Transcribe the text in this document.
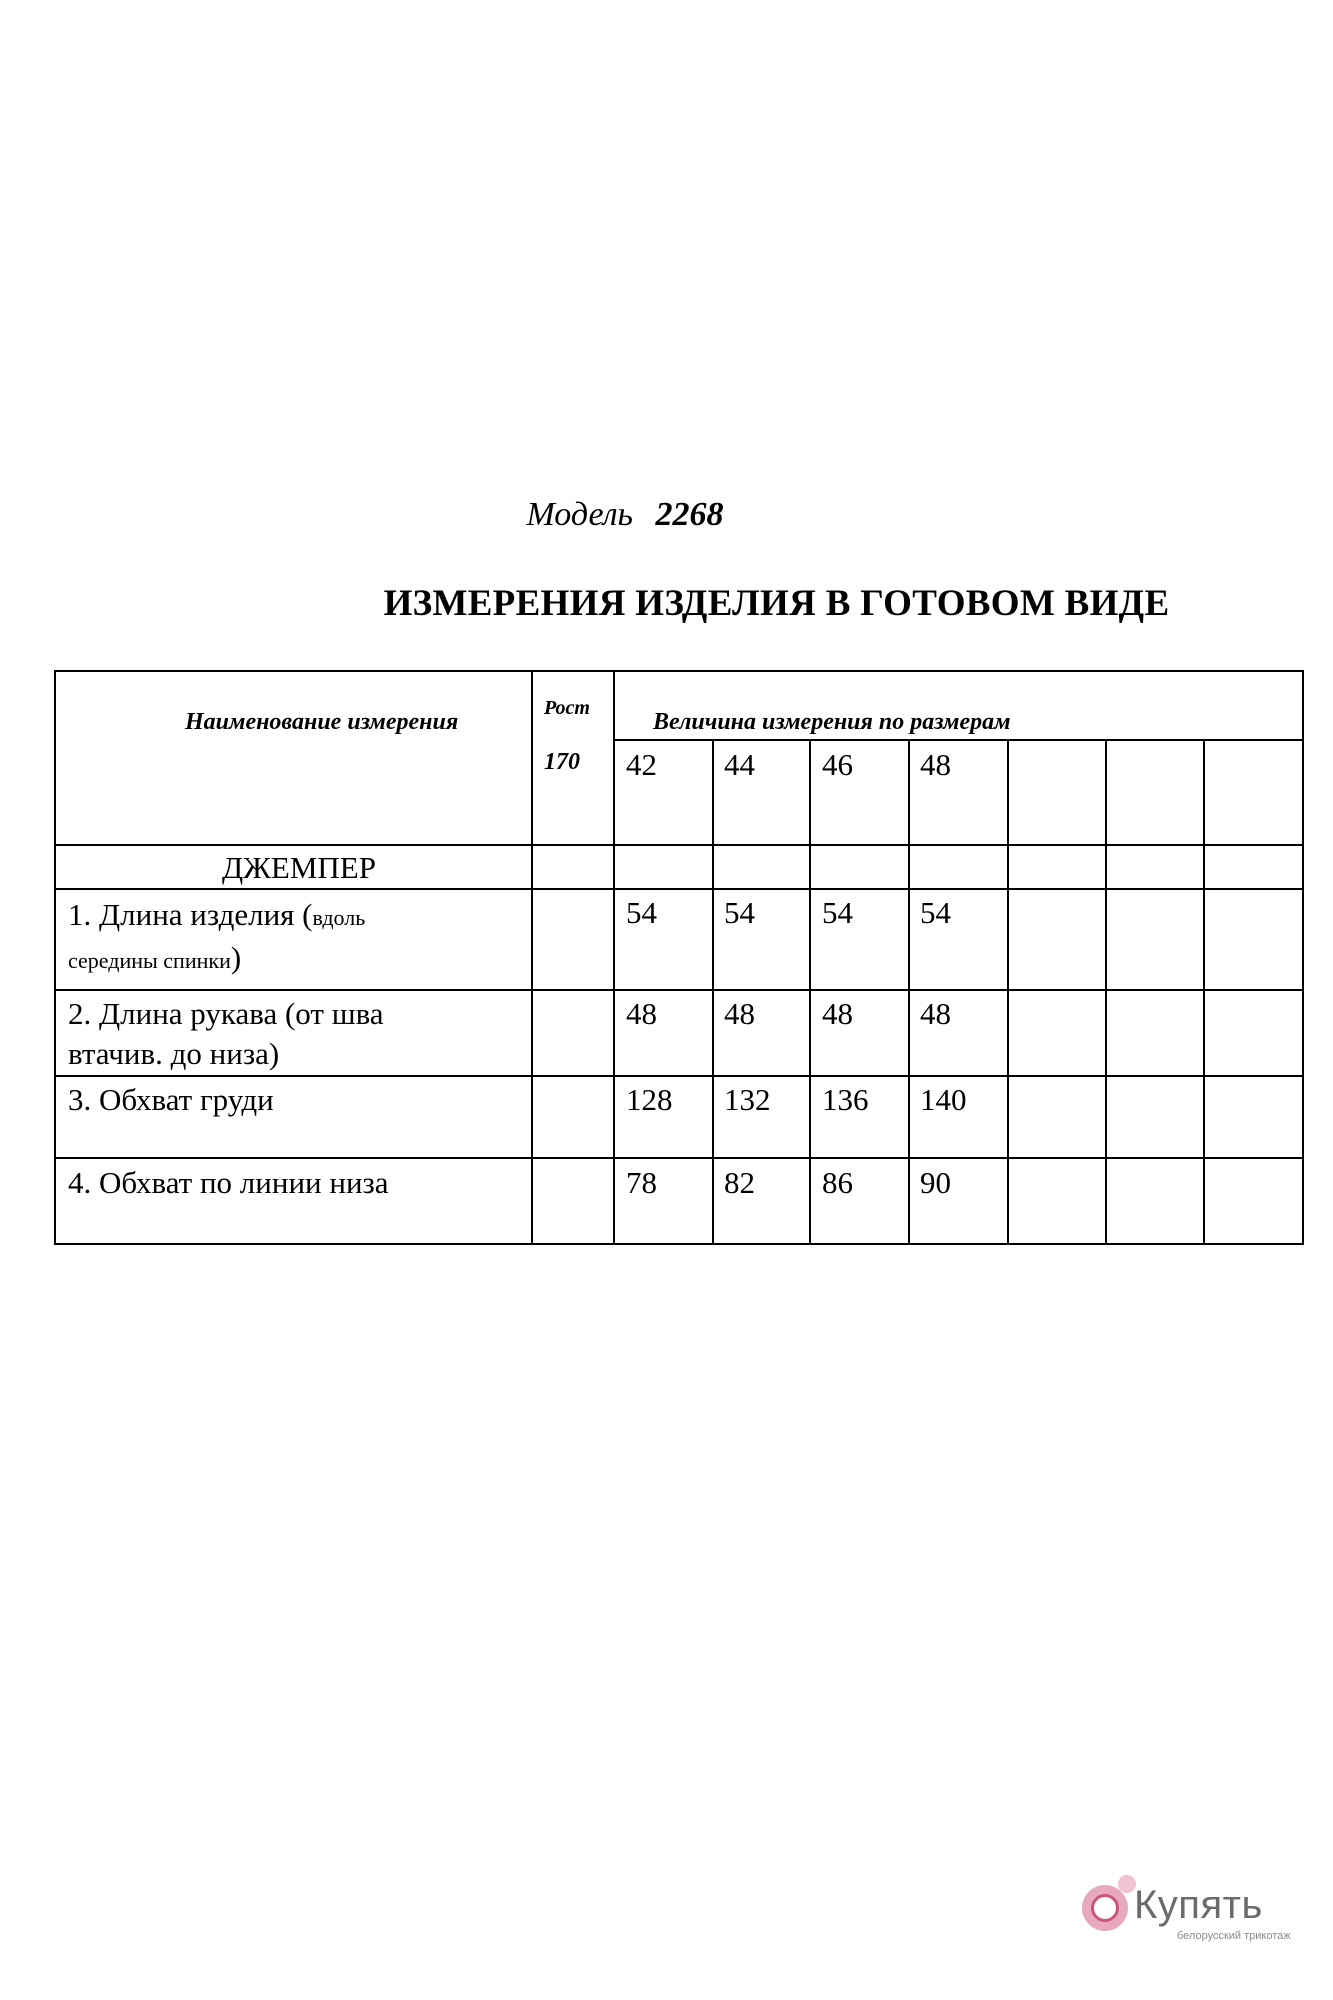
Модель 2268
ИЗМЕРЕНИЯ ИЗДЕЛИЯ В ГОТОВОМ ВИДЕ
Наименование измерения
Рост
170
Величина измерения по размерам
42 44 46 48
ДЖЕМПЕР
1. Длина изделия (вдоль
середины спинки)
54 54 54 54
2. Длина рукава (от шва
втачив. до низа)
48 48 48 48
3. Обхват груди	128 132 136 140
4. Обхват по линии низа	78 82 86 90
Купять
белорусский трикотаж
